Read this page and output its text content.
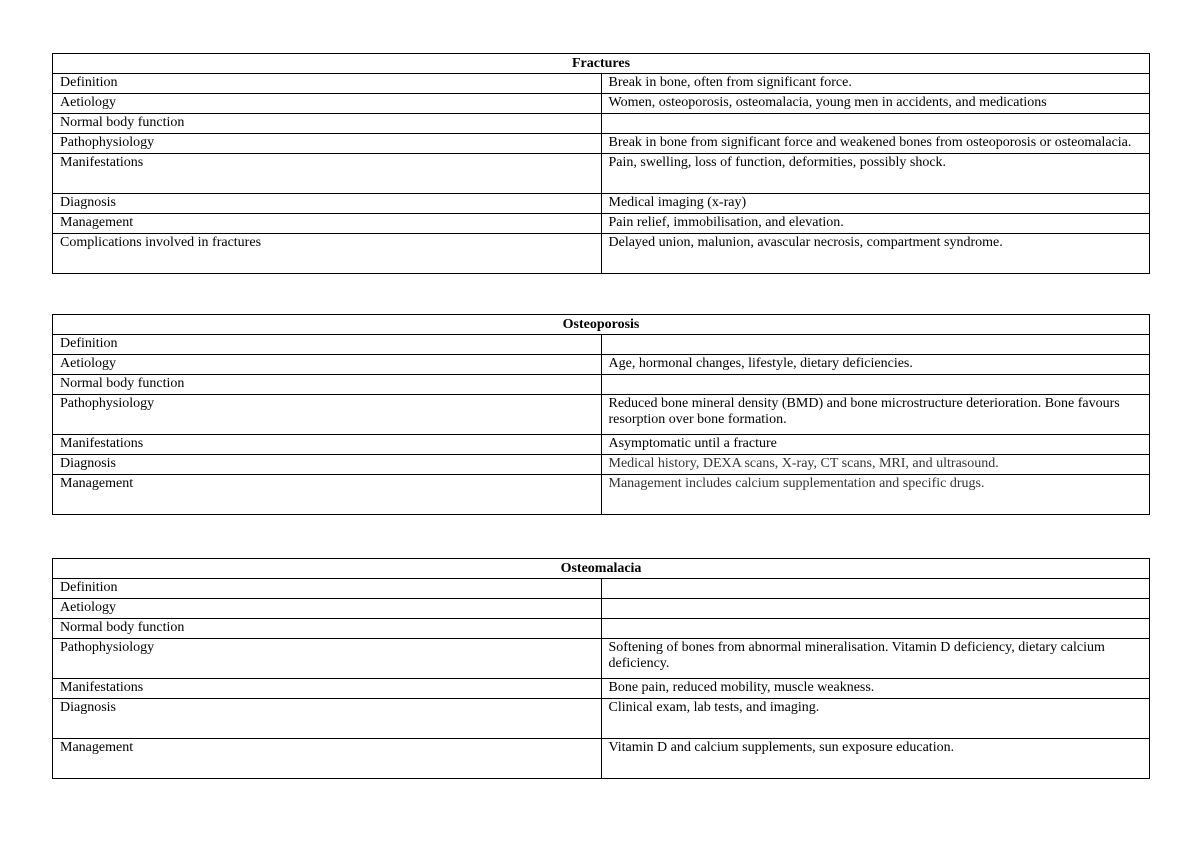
Fractures	
Definition	Break in bone, often from significant force.
Aetiology	Women, osteoporosis, osteomalacia, young men in accidents, and medications
Normal body function	
Pathophysiology	Break in bone from significant force and weakened bones from osteoporosis or osteomalacia.
Manifestations	Pain, swelling, loss of function, deformities, possibly shock.
Diagnosis	Medical imaging (x-ray)
Management	Pain relief, immobilisation, and elevation.
Complications involved in fractures	Delayed union, malunion, avascular necrosis, compartment syndrome.
Osteoporosis	
Definition	
Aetiology	Age, hormonal changes, lifestyle, dietary deficiencies.
Normal body function	
Pathophysiology	Reduced bone mineral density (BMD) and bone microstructure deterioration. Bone favours resorption over bone formation.
Manifestations	Asymptomatic until a fracture
Diagnosis	Medical history, DEXA scans, X-ray, CT scans, MRI, and ultrasound.
Management	Management includes calcium supplementation and specific drugs.
Osteomalacia	
Definition	
Aetiology	
Normal body function	
Pathophysiology	Softening of bones from abnormal mineralisation. Vitamin D deficiency, dietary calcium deficiency.
Manifestations	Bone pain, reduced mobility, muscle weakness.
Diagnosis	Clinical exam, lab tests, and imaging.
Management	Vitamin D and calcium supplements, sun exposure education.
